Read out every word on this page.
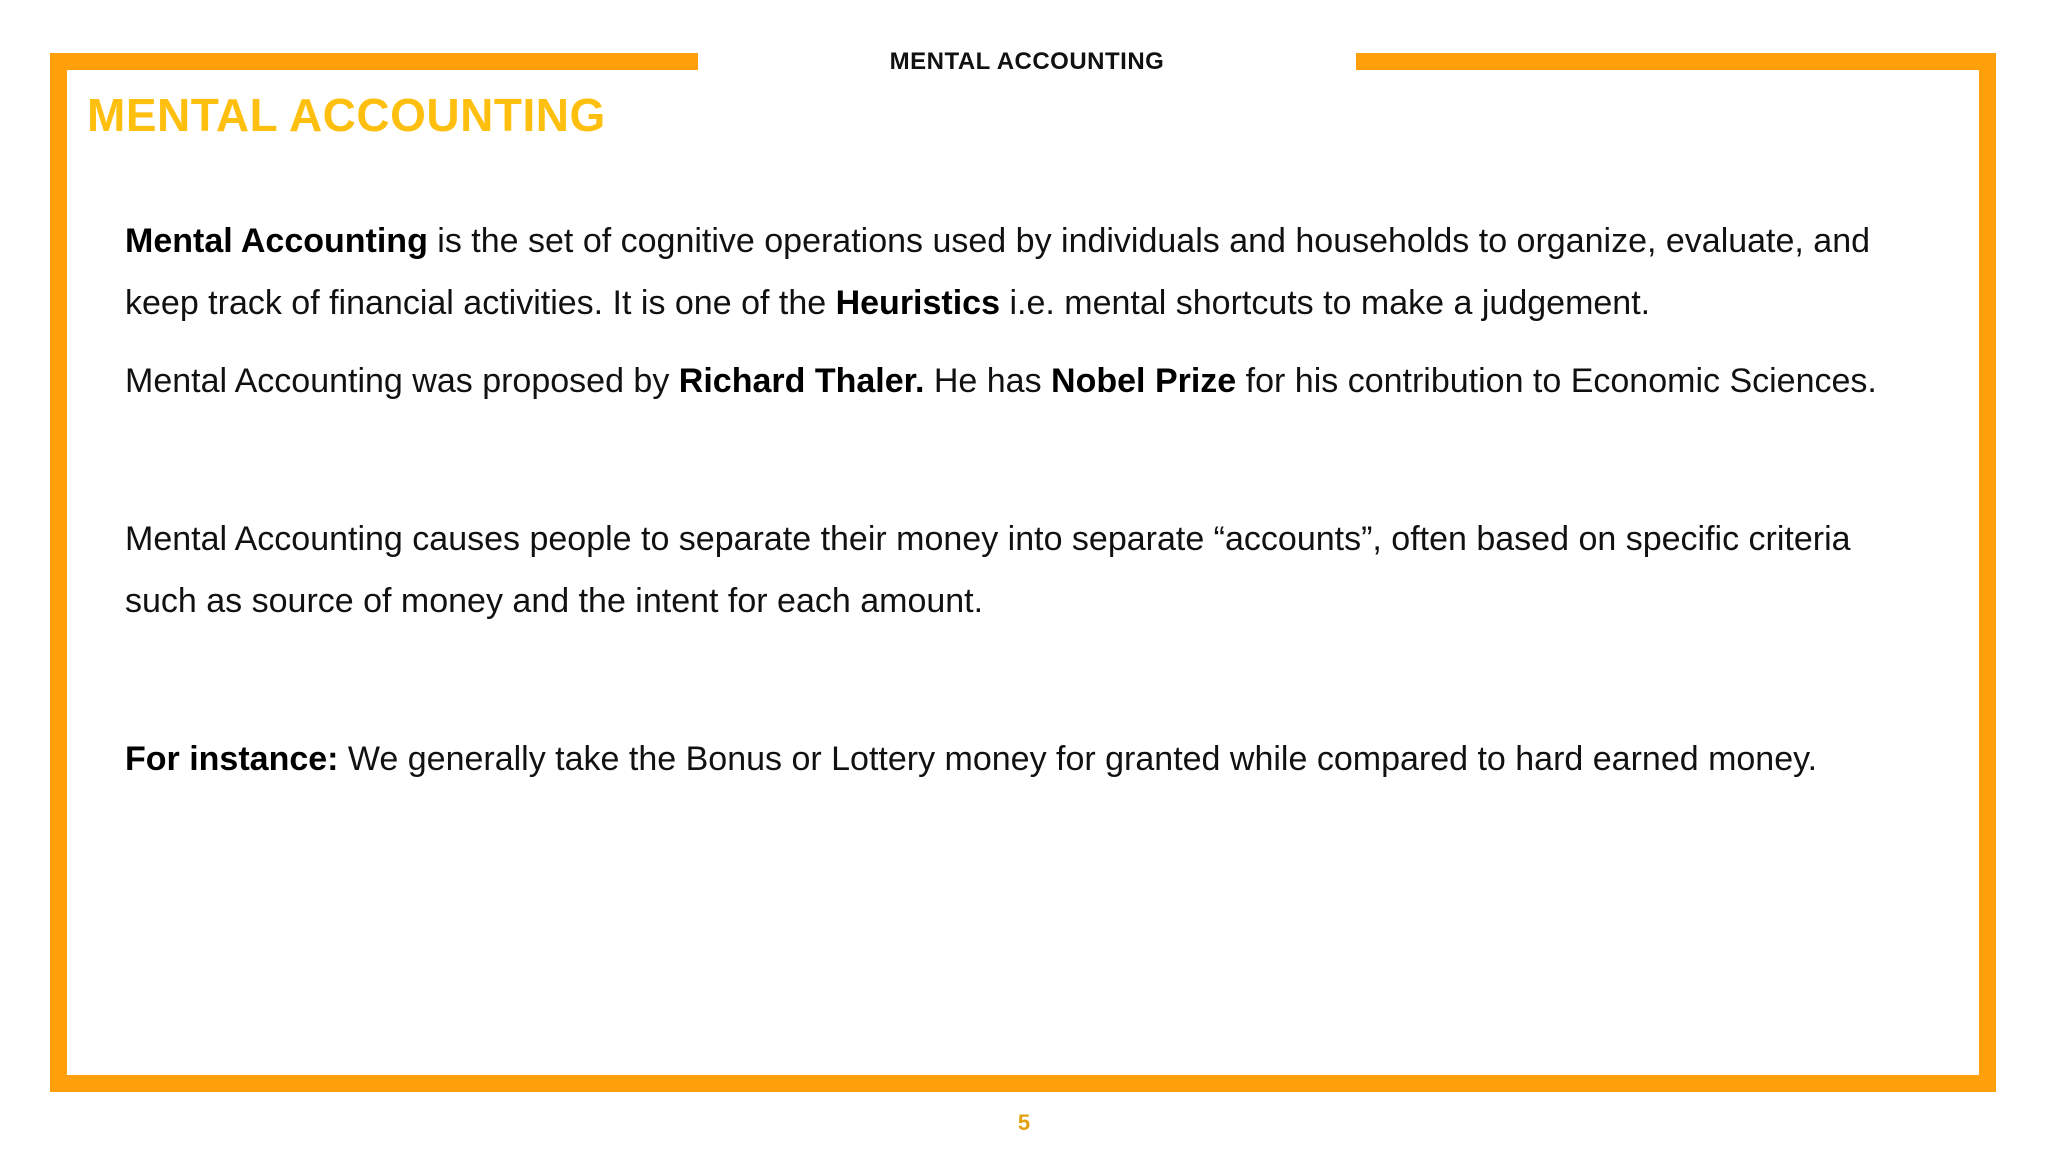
MENTAL ACCOUNTING
MENTAL ACCOUNTING

Mental Accounting is the set of cognitive operations used by individuals and households to organize, evaluate, and keep track of financial activities. It is one of the Heuristics i.e. mental shortcuts to make a judgement.

Mental Accounting was proposed by Richard Thaler. He has Nobel Prize for his contribution to Economic Sciences.

Mental Accounting causes people to separate their money into separate “accounts”, often based on specific criteria such as source of money and the intent for each amount.

For instance: We generally take the Bonus or Lottery money for granted while compared to hard earned money.

5
